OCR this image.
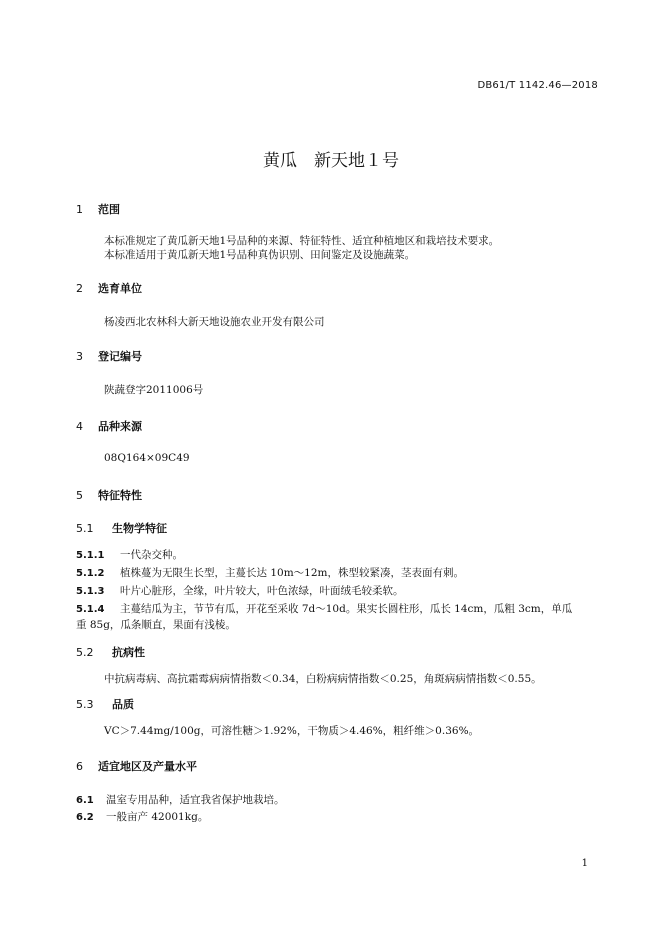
DB61/T 1142.46—2018
黄瓜　新天地１号
1 范围
本标准规定了黄瓜新天地1号品种的来源、特征特性、适宜种植地区和栽培技术要求。
本标准适用于黄瓜新天地1号品种真伪识别、田间鉴定及设施蔬菜。
2 选育单位
杨凌西北农林科大新天地设施农业开发有限公司
3 登记编号
陕蔬登字2011006号
4 品种来源
08Q164×09C49
5 特征特性
5.1 生物学特征
5.1.1 一代杂交种。
5.1.2 植株蔓为无限生长型，主蔓长达 10m～12m，株型较紧凑，茎表面有刺。
5.1.3 叶片心脏形，全缘，叶片较大，叶色浓绿，叶面绒毛较柔软。
5.1.4 主蔓结瓜为主，节节有瓜，开花至采收 7d～10d。果实长圆柱形，瓜长 14cm，瓜粗 3cm，单瓜
重 85g，瓜条顺直，果面有浅棱。
5.2 抗病性
中抗病毒病、高抗霜霉病病情指数＜0.34，白粉病病情指数＜0.25，角斑病病情指数＜0.55。
5.3 品质
VC＞7.44mg/100g，可溶性糖＞1.92%，干物质＞4.46%，粗纤维＞0.36%。
6 适宜地区及产量水平
6.1 温室专用品种，适宜我省保护地栽培。
6.2 一般亩产 42001kg。
1
